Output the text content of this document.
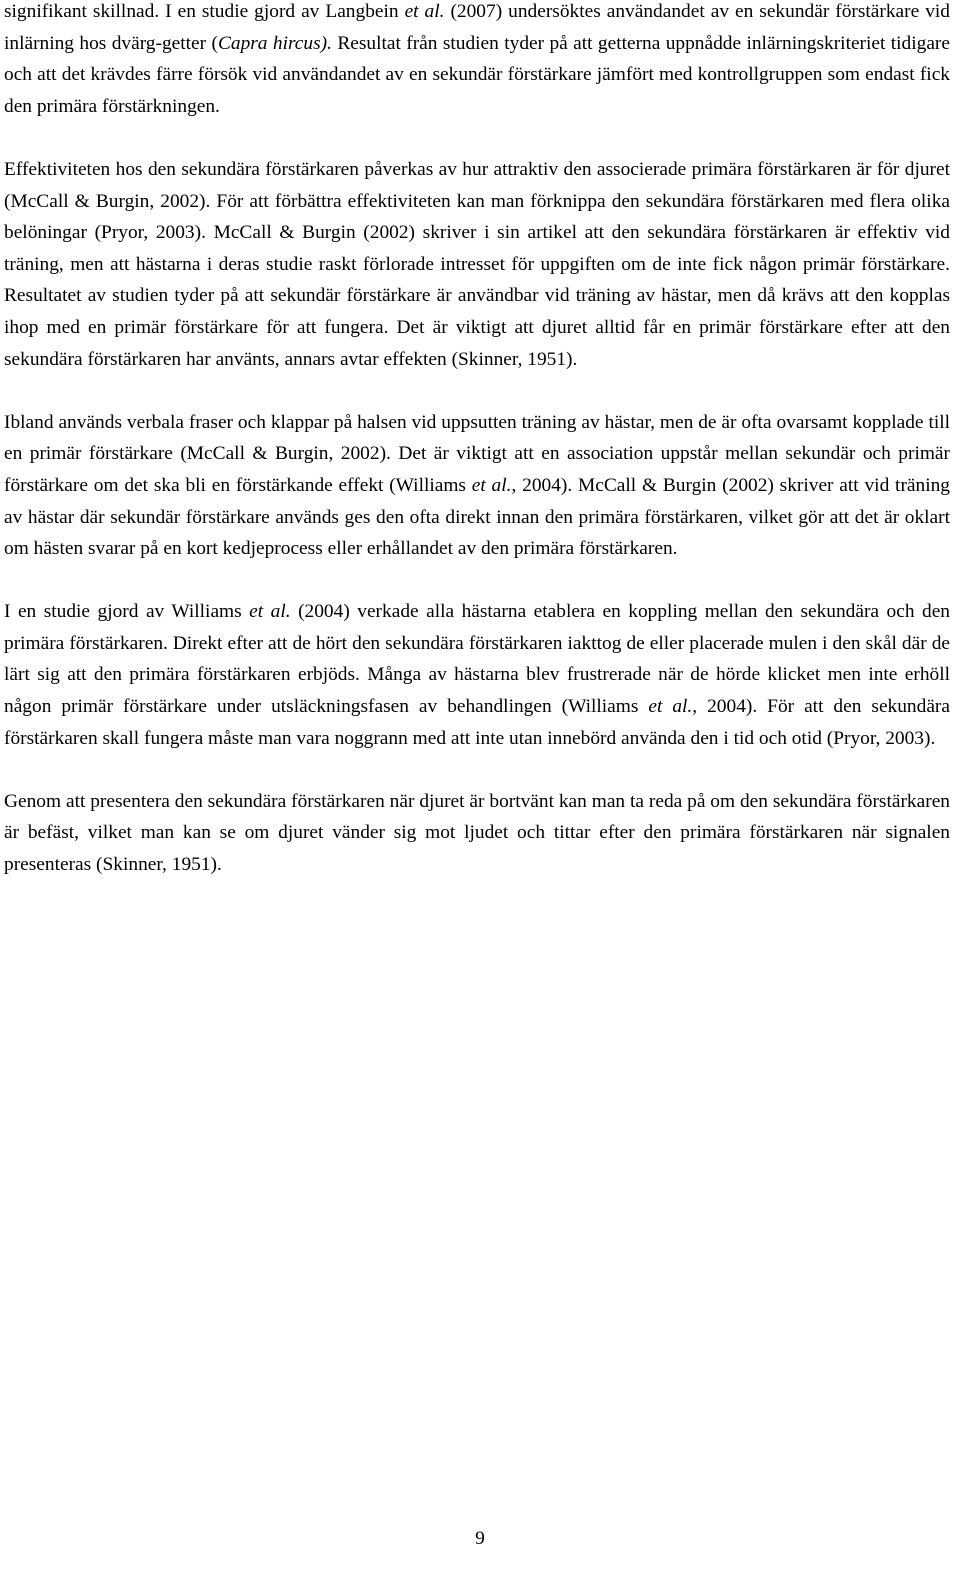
signifikant skillnad. I en studie gjord av Langbein et al. (2007) undersöktes användandet av en sekundär förstärkare vid inlärning hos dvärg-getter (Capra hircus). Resultat från studien tyder på att getterna uppnådde inlärningskriteriet tidigare och att det krävdes färre försök vid användandet av en sekundär förstärkare jämfört med kontrollgruppen som endast fick den primära förstärkningen.

Effektiviteten hos den sekundära förstärkaren påverkas av hur attraktiv den associerade primära förstärkaren är för djuret (McCall & Burgin, 2002). För att förbättra effektiviteten kan man förknippa den sekundära förstärkaren med flera olika belöningar (Pryor, 2003). McCall & Burgin (2002) skriver i sin artikel att den sekundära förstärkaren är effektiv vid träning, men att hästarna i deras studie raskt förlorade intresset för uppgiften om de inte fick någon primär förstärkare. Resultatet av studien tyder på att sekundär förstärkare är användbar vid träning av hästar, men då krävs att den kopplas ihop med en primär förstärkare för att fungera. Det är viktigt att djuret alltid får en primär förstärkare efter att den sekundära förstärkaren har använts, annars avtar effekten (Skinner, 1951).

Ibland används verbala fraser och klappar på halsen vid uppsutten träning av hästar, men de är ofta ovarsamt kopplade till en primär förstärkare (McCall & Burgin, 2002). Det är viktigt att en association uppstår mellan sekundär och primär förstärkare om det ska bli en förstärkande effekt (Williams et al., 2004). McCall & Burgin (2002) skriver att vid träning av hästar där sekundär förstärkare används ges den ofta direkt innan den primära förstärkaren, vilket gör att det är oklart om hästen svarar på en kort kedjeprocess eller erhållandet av den primära förstärkaren.

I en studie gjord av Williams et al. (2004) verkade alla hästarna etablera en koppling mellan den sekundära och den primära förstärkaren. Direkt efter att de hört den sekundära förstärkaren iakttog de eller placerade mulen i den skål där de lärt sig att den primära förstärkaren erbjöds. Många av hästarna blev frustrerade när de hörde klicket men inte erhöll någon primär förstärkare under utsläckningsfasen av behandlingen (Williams et al., 2004). För att den sekundära förstärkaren skall fungera måste man vara noggrann med att inte utan innebörd använda den i tid och otid (Pryor, 2003).

Genom att presentera den sekundära förstärkaren när djuret är bortvänt kan man ta reda på om den sekundära förstärkaren är befäst, vilket man kan se om djuret vänder sig mot ljudet och tittar efter den primära förstärkaren när signalen presenteras (Skinner, 1951).

9
